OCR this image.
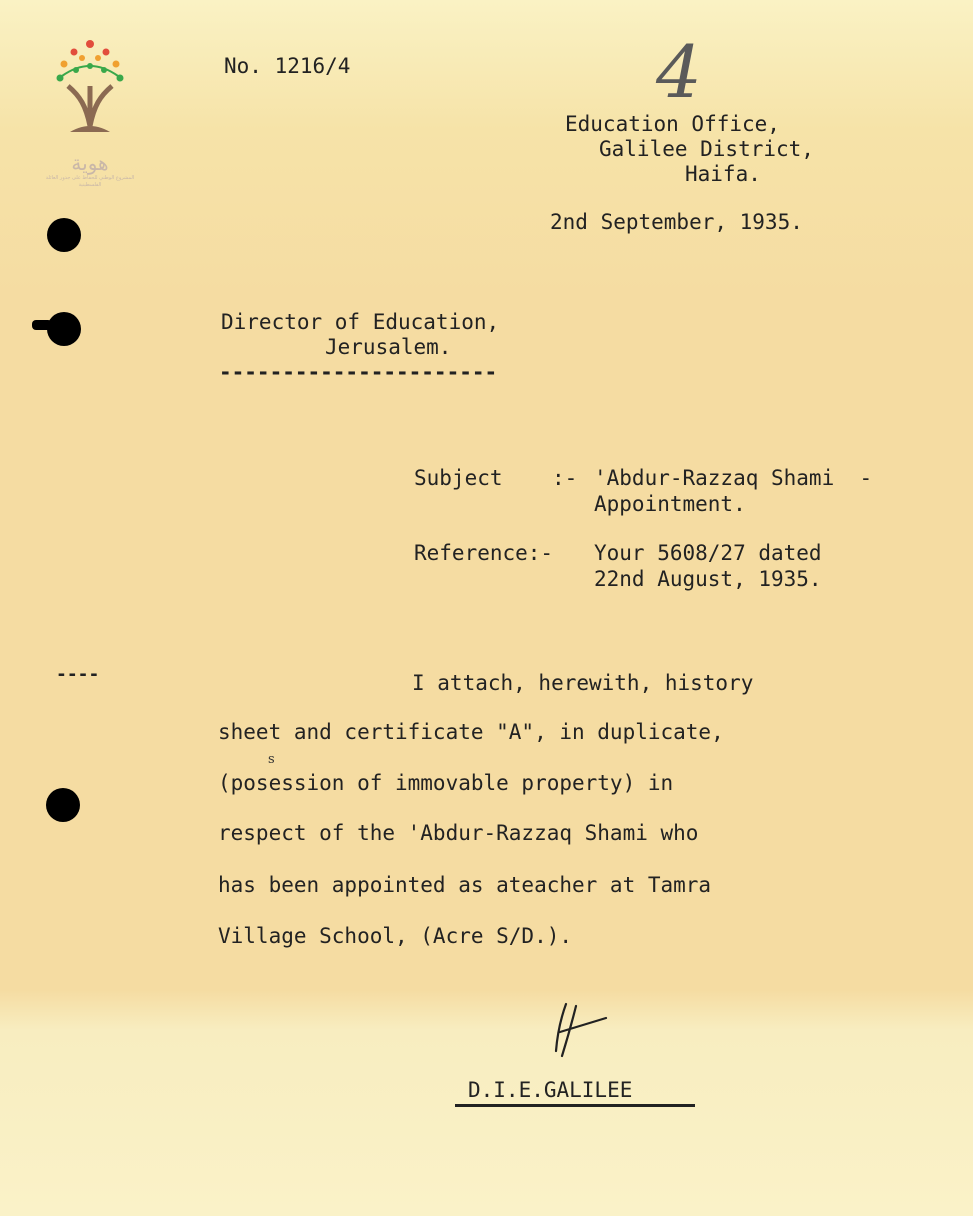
هوية
المشروع الوطني للحفاظ على جذور العائلة الفلسطينية
No. 1216/4	4
Education Office,
Galilee District,
Haifa.
2nd September, 1935.
Director of Education,
Jerusalem.
----------------------
Subject :- 'Abdur-Razzaq Shami  -
Appointment.
Reference:- Your 5608/27 dated
22nd August, 1935.
----	I attach, herewith, history
sheet and certificate "A", in duplicate,
s
(posession of immovable property) in
respect of the 'Abdur-Razzaq Shami who
has been appointed as ateacher at Tamra
Village School, (Acre S/D.).
D.I.E.GALILEE
